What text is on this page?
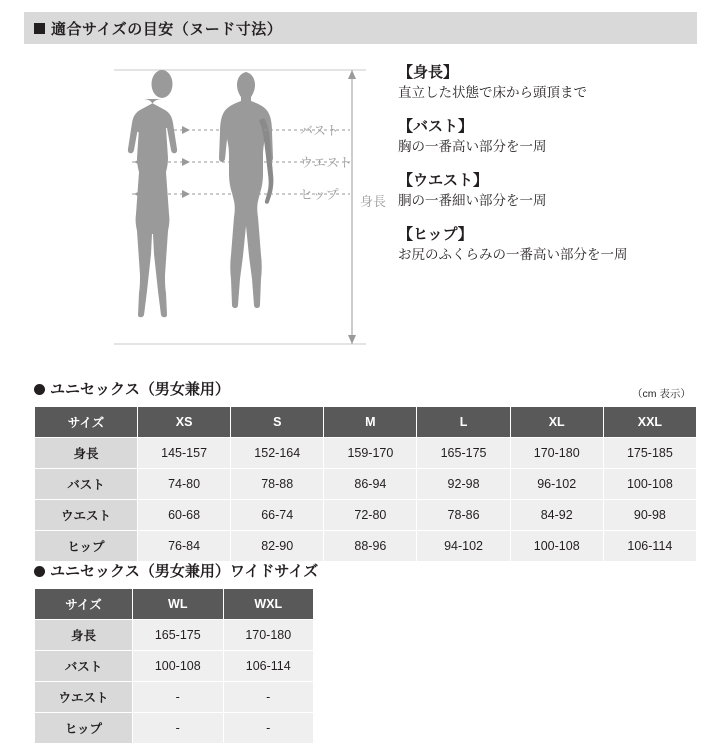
適合サイズの目安（ヌード寸法）
バスト
ウエスト
ヒップ 身長
【身長】
直立した状態で床から頭頂まで
【バスト】
胸の一番高い部分を一周
【ウエスト】
胴の一番細い部分を一周
【ヒップ】
お尻のふくらみの一番高い部分を一周
ユニセックス（男女兼用）	（cm 表示）
サイズ	XS	S	M	L	XL	XXL
身長	145-157	152-164	159-170	165-175	170-180	175-185
バスト	74-80	78-88	86-94	92-98	96-102	100-108
ウエスト	60-68	66-74	72-80	78-86	84-92	90-98
ヒップ	76-84	82-90	88-96	94-102	100-108	106-114
ユニセックス（男女兼用）ワイドサイズ
サイズ	WL	WXL
身長	165-175	170-180
バスト	100-108	106-114
ウエスト	-	-
ヒップ	-	-
